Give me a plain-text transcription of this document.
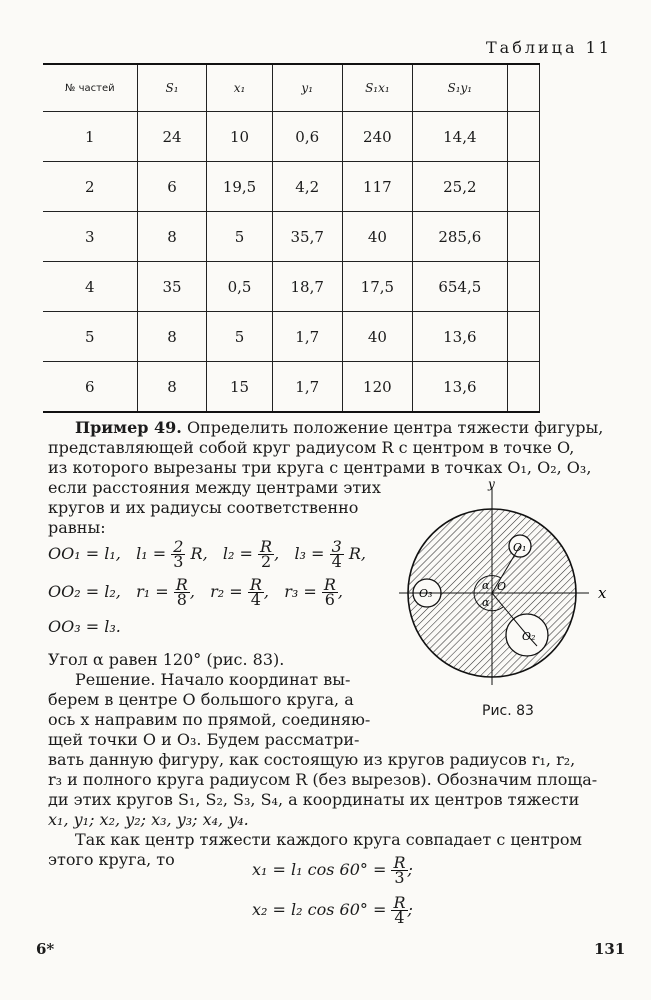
Таблица 11
№ частей	S₁	x₁	y₁	S₁x₁	S₁y₁	
1	24	10	0,6	240	14,4	
2	6	19,5	4,2	117	25,2	
3	8	5	35,7	40	285,6	
4	35	0,5	18,7	17,5	654,5	
5	8	5	1,7	40	13,6	
6	8	15	1,7	120	13,6	
Пример 49. Определить положение центра тяжести фигуры,
представляющей собой круг радиусом R с центром в точке O,
из которого вырезаны три круга с центрами в точках O₁, O₂, O₃,
если расстояния между центрами этих
кругов и их радиусы соответственно
равны:
OO₁ = l₁, $l_1 = \frac{2}{3} R$, $l_2 = \frac{R}{2}$ ,   $l_3 = \frac{3}{4} R$,
OO₂ = l₂, $r_1 = \frac{R}{8}$ ,   $r_2 = \frac{R}{4}$ ,   $r_3 = \frac{R}{6}$ ,
OO₃ = l₃.
y
x
O₁
O₂
O₃
O
α
α
Рис. 83
Угол α равен 120° (рис. 83).
Решение. Начало координат вы-
берем в центре O большого круга, а
ось x направим по прямой, соединяю-
щей точки O и O₃. Будем рассматри-
вать данную фигуру, как состоящую из кругов радиусов r₁, r₂,
r₃ и полного круга радиусом R (без вырезов). Обозначим площа-
ди этих кругов S₁, S₂, S₃, S₄, а координаты их центров тяжести
x₁, y₁; x₂, y₂; x₃, y₃; x₄, y₄.
Так как центр тяжести каждого круга совпадает с центром
этого круга, то
x₁ = l₁ $\cos 60^\circ = \frac{R}{3}$ ;
x₂ = l₂ $\cos 60^\circ = \frac{R}{4}$ ;
6*	131
